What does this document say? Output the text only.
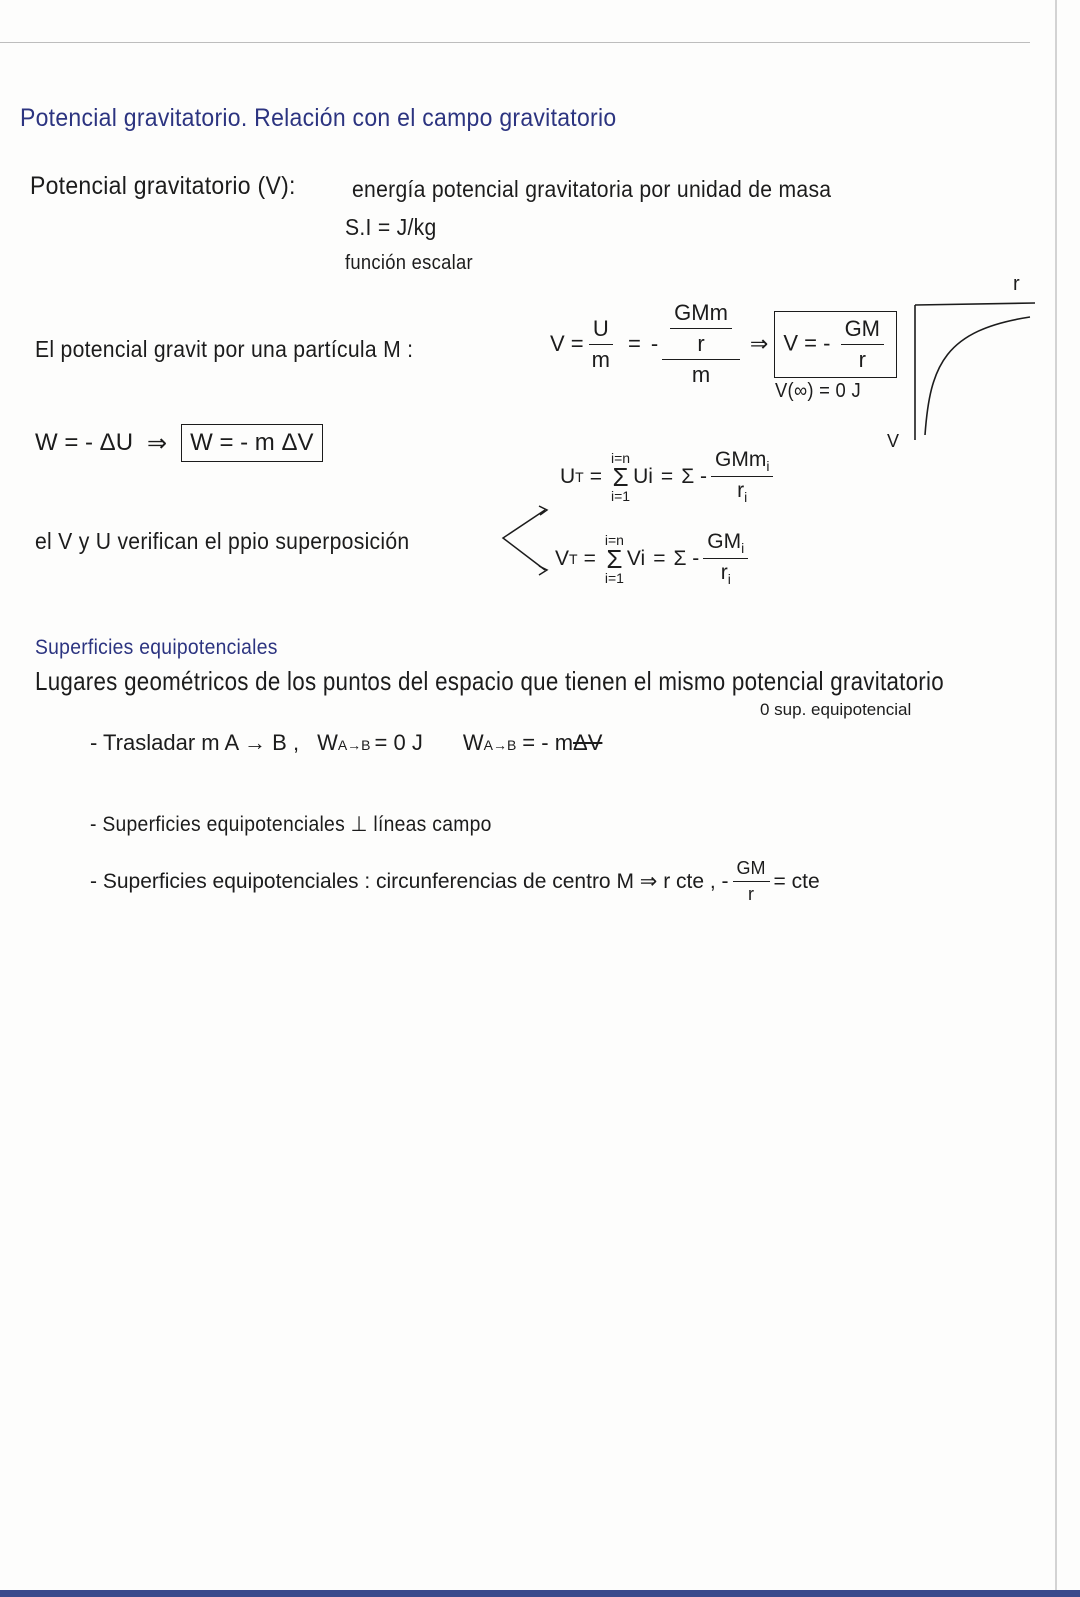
Potencial gravitatorio. Relación con el campo gravitatorio
Potencial gravitatorio (V): energía potencial gravitatoria por unidad de masa
S.I = J/kg
función escalar
El potencial gravit por una partícula M :	$V = \frac{U}{m}$ = - $\frac{\frac{\text{GMm}}{r}}{m}$ ⇒ V = - $\frac{GM}{r}$
V(∞) = 0 J
r
V
W = - ΔU ⇒ W = - m ΔV
el V y U verifican el ppio superposición
U T =
i=n
Σ
i=1
$Ui = \Sigma - \frac{GMm_i}{r_i}$
V T =
i=n
Σ
i=1
$Vi = \Sigma - \frac{GM_i}{r_i}$
Superficies equipotenciales
Lugares geométricos de los puntos del espacio que tienen el mismo potencial gravitatorio
- Trasladar m A → B , W A→B = 0 J W A→B = - m ΔV
0 sup. equipotencial
- Superficies equipotenciales ⊥ líneas campo
- Superficies equipotenciales : circunferencias de centro M ⇒ r cte , - $\frac{GM}{r}$ = cte
